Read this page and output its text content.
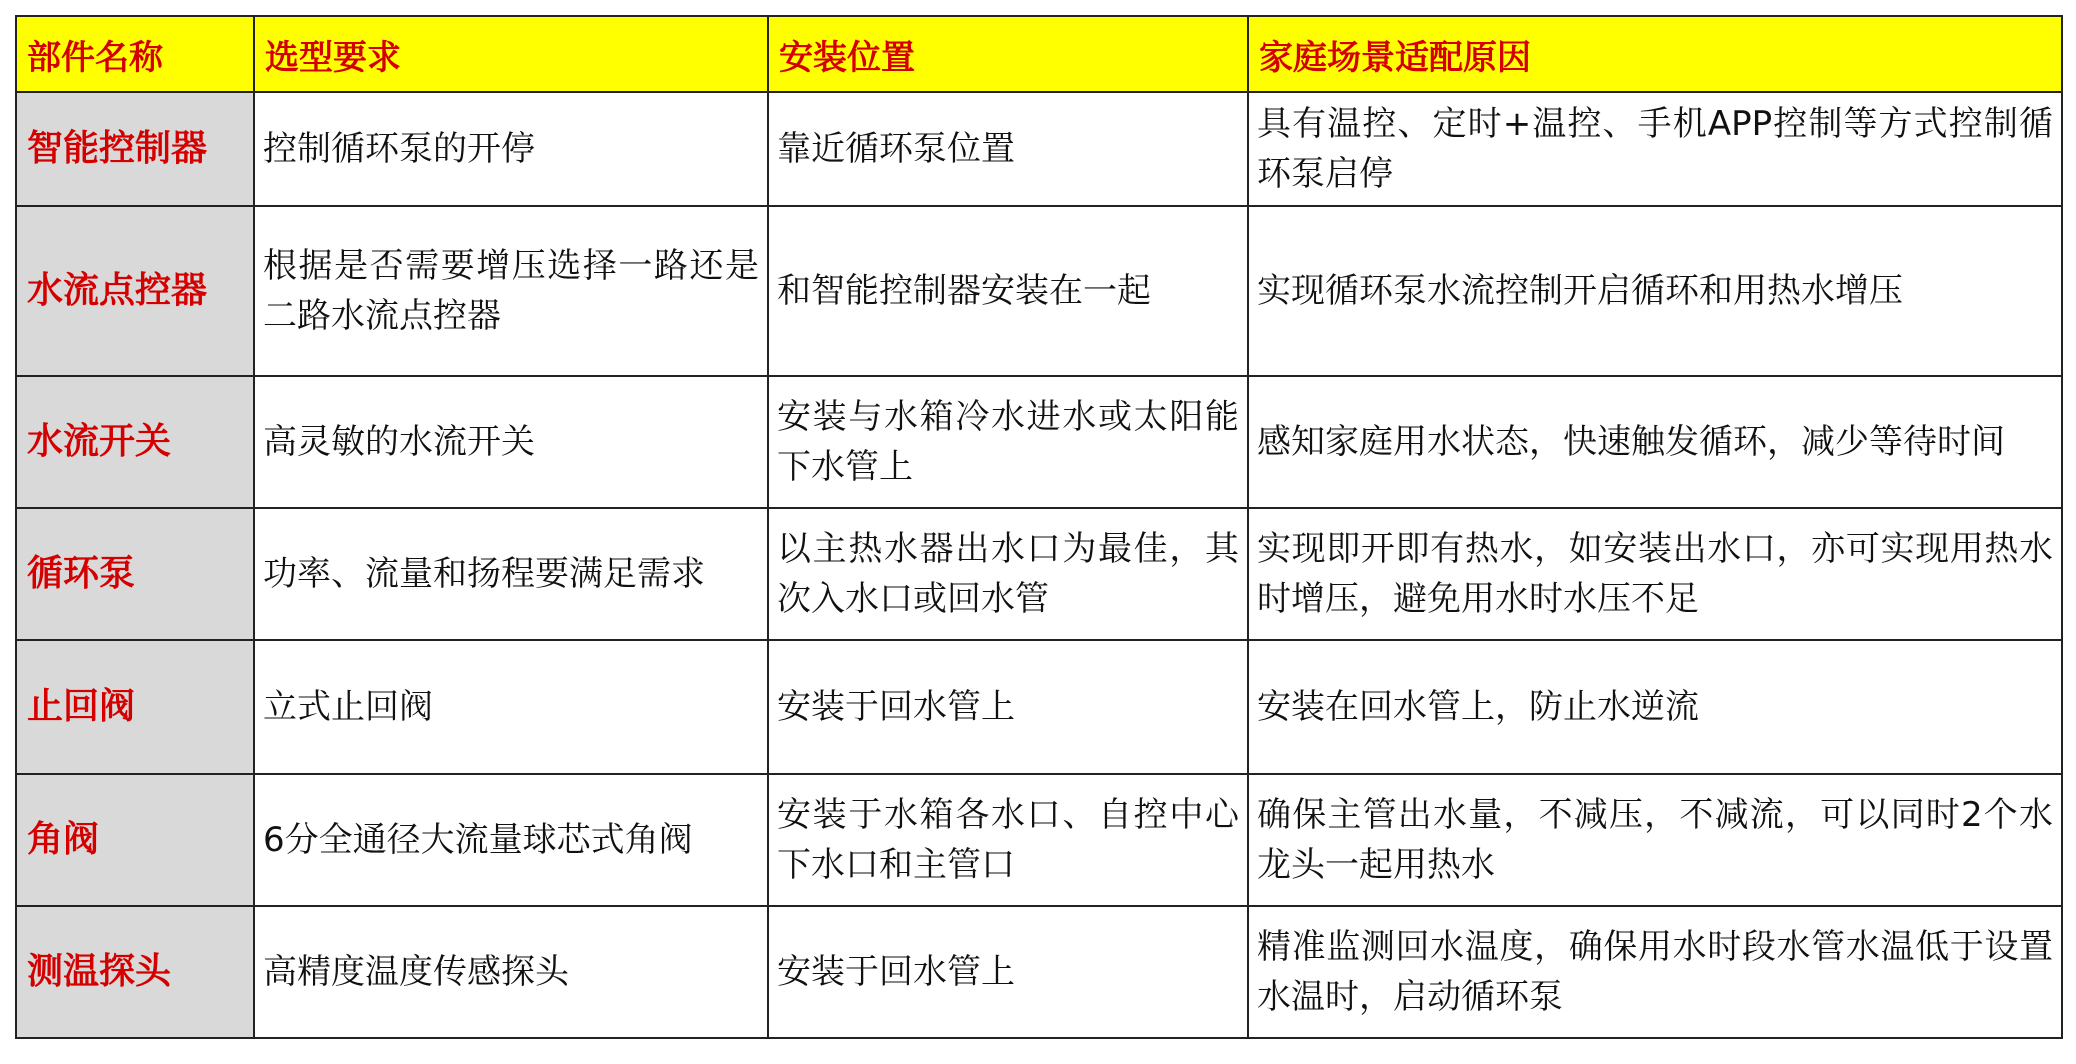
部件名称	选型要求	安装位置	家庭场景适配原因
智能控制器	控制循环泵的开停	靠近循环泵位置	具有温控、定时+温控、手机APP控制等方式控制循环泵启停
水流点控器	根据是否需要增压选择一路还是二路水流点控器	和智能控制器安装在一起	实现循环泵水流控制开启循环和用热水增压
水流开关	高灵敏的水流开关	安装与水箱冷水进水或太阳能下水管上	感知家庭用水状态，快速触发循环，减少等待时间
循环泵	功率、流量和扬程要满足需求	以主热水器出水口为最佳，其次入水口或回水管	实现即开即有热水，如安装出水口，亦可实现用热水时增压，避免用水时水压不足
止回阀	立式止回阀	安装于回水管上	安装在回水管上，防止水逆流
角阀	6分全通径大流量球芯式角阀	安装于水箱各水口、自控中心下水口和主管口	确保主管出水量，不减压，不减流，可以同时2个水龙头一起用热水
测温探头	高精度温度传感探头	安装于回水管上	精准监测回水温度，确保用水时段水管水温低于设置水温时，启动循环泵
